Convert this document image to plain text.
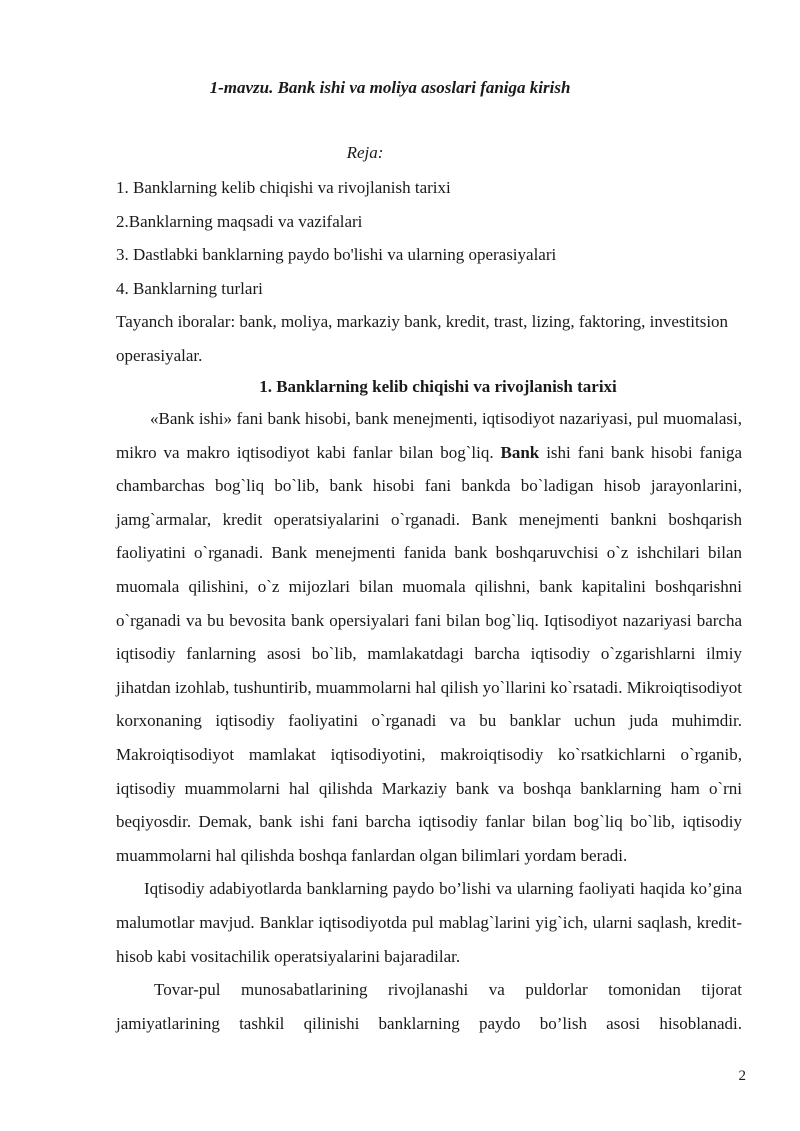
1-mavzu. Bank ishi va moliya asoslari faniga kirish
Reja:
1. Banklarning kelib chiqishi va rivojlanish tarixi
2.Banklarning maqsadi va vazifalari
3. Dastlabki banklarning paydo bo'lishi va ularning operasiyalari
4. Banklarning turlari
Tayanch iboralar: bank, moliya, markaziy bank, kredit, trast, lizing, faktoring, investitsion operasiyalar.
1. Banklarning kelib chiqishi va rivojlanish tarixi

«Bank ishi» fani bank hisobi, bank menejmenti, iqtisodiyot nazariyasi, pul muomalasi, mikro va makro iqtisodiyot kabi fanlar bilan bog`liq. Bank ishi fani bank hisobi faniga chambarchas bog`liq bo`lib, bank hisobi fani bankda bo`ladigan hisob jarayonlarini, jamg`armalar, kredit operatsiyalarini o`rganadi. Bank menejmenti bankni boshqarish faoliyatini o`rganadi. Bank menejmenti fanida bank boshqaruvchisi o`z ishchilari bilan muomala qilishini, o`z mijozlari bilan muomala qilishni, bank kapitalini boshqarishni o`rganadi va bu bevosita bank opersiyalari fani bilan bog`liq. Iqtisodiyot nazariyasi barcha iqtisodiy fanlarning asosi bo`lib, mamlakatdagi barcha iqtisodiy o`zgarishlarni ilmiy jihatdan izohlab, tushuntirib, muammolarni hal qilish yo`llarini ko`rsatadi. Mikroiqtisodiyot korxonaning iqtisodiy faoliyatini o`rganadi va bu banklar uchun juda muhimdir. Makroiqtisodiyot mamlakat iqtisodiyotini, makroiqtisodiy ko`rsatkichlarni o`rganib, iqtisodiy muammolarni hal qilishda Markaziy bank va boshqa banklarning ham o`rni beqiyosdir. Demak, bank ishi fani barcha iqtisodiy fanlar bilan bog`liq bo`lib, iqtisodiy muammolarni hal qilishda boshqa fanlardan olgan bilimlari yordam beradi.

Iqtisodiy adabiyotlarda banklarning paydo bo’lishi va ularning faoliyati haqida ko’gina malumotlar mavjud. Banklar iqtisodiyotda pul mablag`larini yig`ich, ularni saqlash, kredit-hisob kabi vositachilik operatsiyalarini bajaradilar.

Tovar-pul munosabatlarining rivojlanashi va puldorlar tomonidan tijorat jamiyatlarining tashkil qilinishi banklarning paydo bo’lish asosi hisoblanadi.

2
